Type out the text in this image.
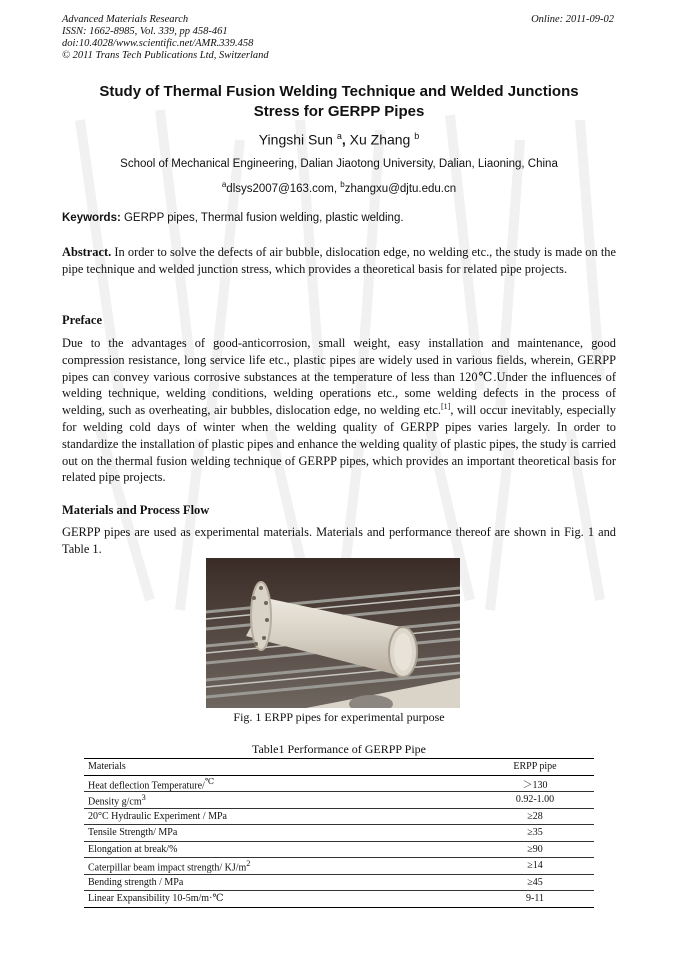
Advanced Materials Research
ISSN: 1662-8985, Vol. 339, pp 458-461
doi:10.4028/www.scientific.net/AMR.339.458
© 2011 Trans Tech Publications Ltd, Switzerland
Online: 2011-09-02
Study of Thermal Fusion Welding Technique and Welded Junctions
Stress for GERPP Pipes
Yingshi Sun $^a$, Xu Zhang $^b$
School of Mechanical Engineering, Dalian Jiaotong University, Dalian, Liaoning, China
$^a$dlsys2007@163.com, $^b$zhangxu@djtu.edu.cn
Keywords: GERPP pipes, Thermal fusion welding, plastic welding.
Abstract. In order to solve the defects of air bubble, dislocation edge, no welding etc., the study is made on the pipe technique and welded junction stress, which provides a theoretical basis for related pipe projects.
Preface
Due to the advantages of good-anticorrosion, small weight, easy installation and maintenance, good compression resistance, long service life etc., plastic pipes are widely used in various fields, wherein, GERPP pipes can convey various corrosive substances at the temperature of less than 120℃.Under the influences of welding technique, welding conditions, welding operations etc., some welding defects in the process of welding, such as overheating, air bubbles, dislocation edge, no welding etc.[1], will occur inevitably, especially for welding cold days of winter when the welding quality of GERPP pipes varies largely. In order to standardize the installation of plastic pipes and enhance the welding quality of plastic pipes, the study is carried out on the thermal fusion welding technique of GERPP pipes, which provides an important theoretical basis for related pipe projects.
Materials and Process Flow
GERPP pipes are used as experimental materials. Materials and performance thereof are shown in Fig. 1 and Table 1.
Fig. 1 ERPP pipes for experimental purpose
Table1 Performance of GERPP Pipe
Materials	ERPP pipe
Heat deflection Temperature/℃	＞130
Density $g/cm^3$	0.92-1.00
20°C Hydraulic Experiment / MPa	≥28
Tensile Strength/ MPa	≥35
Elongation at break/%	≥90
Caterpillar beam impact strength/ $KJ/m^2$	≥14
Bending strength / MPa	≥45
Linear Expansibility 10-5m/m·℃	9-11
